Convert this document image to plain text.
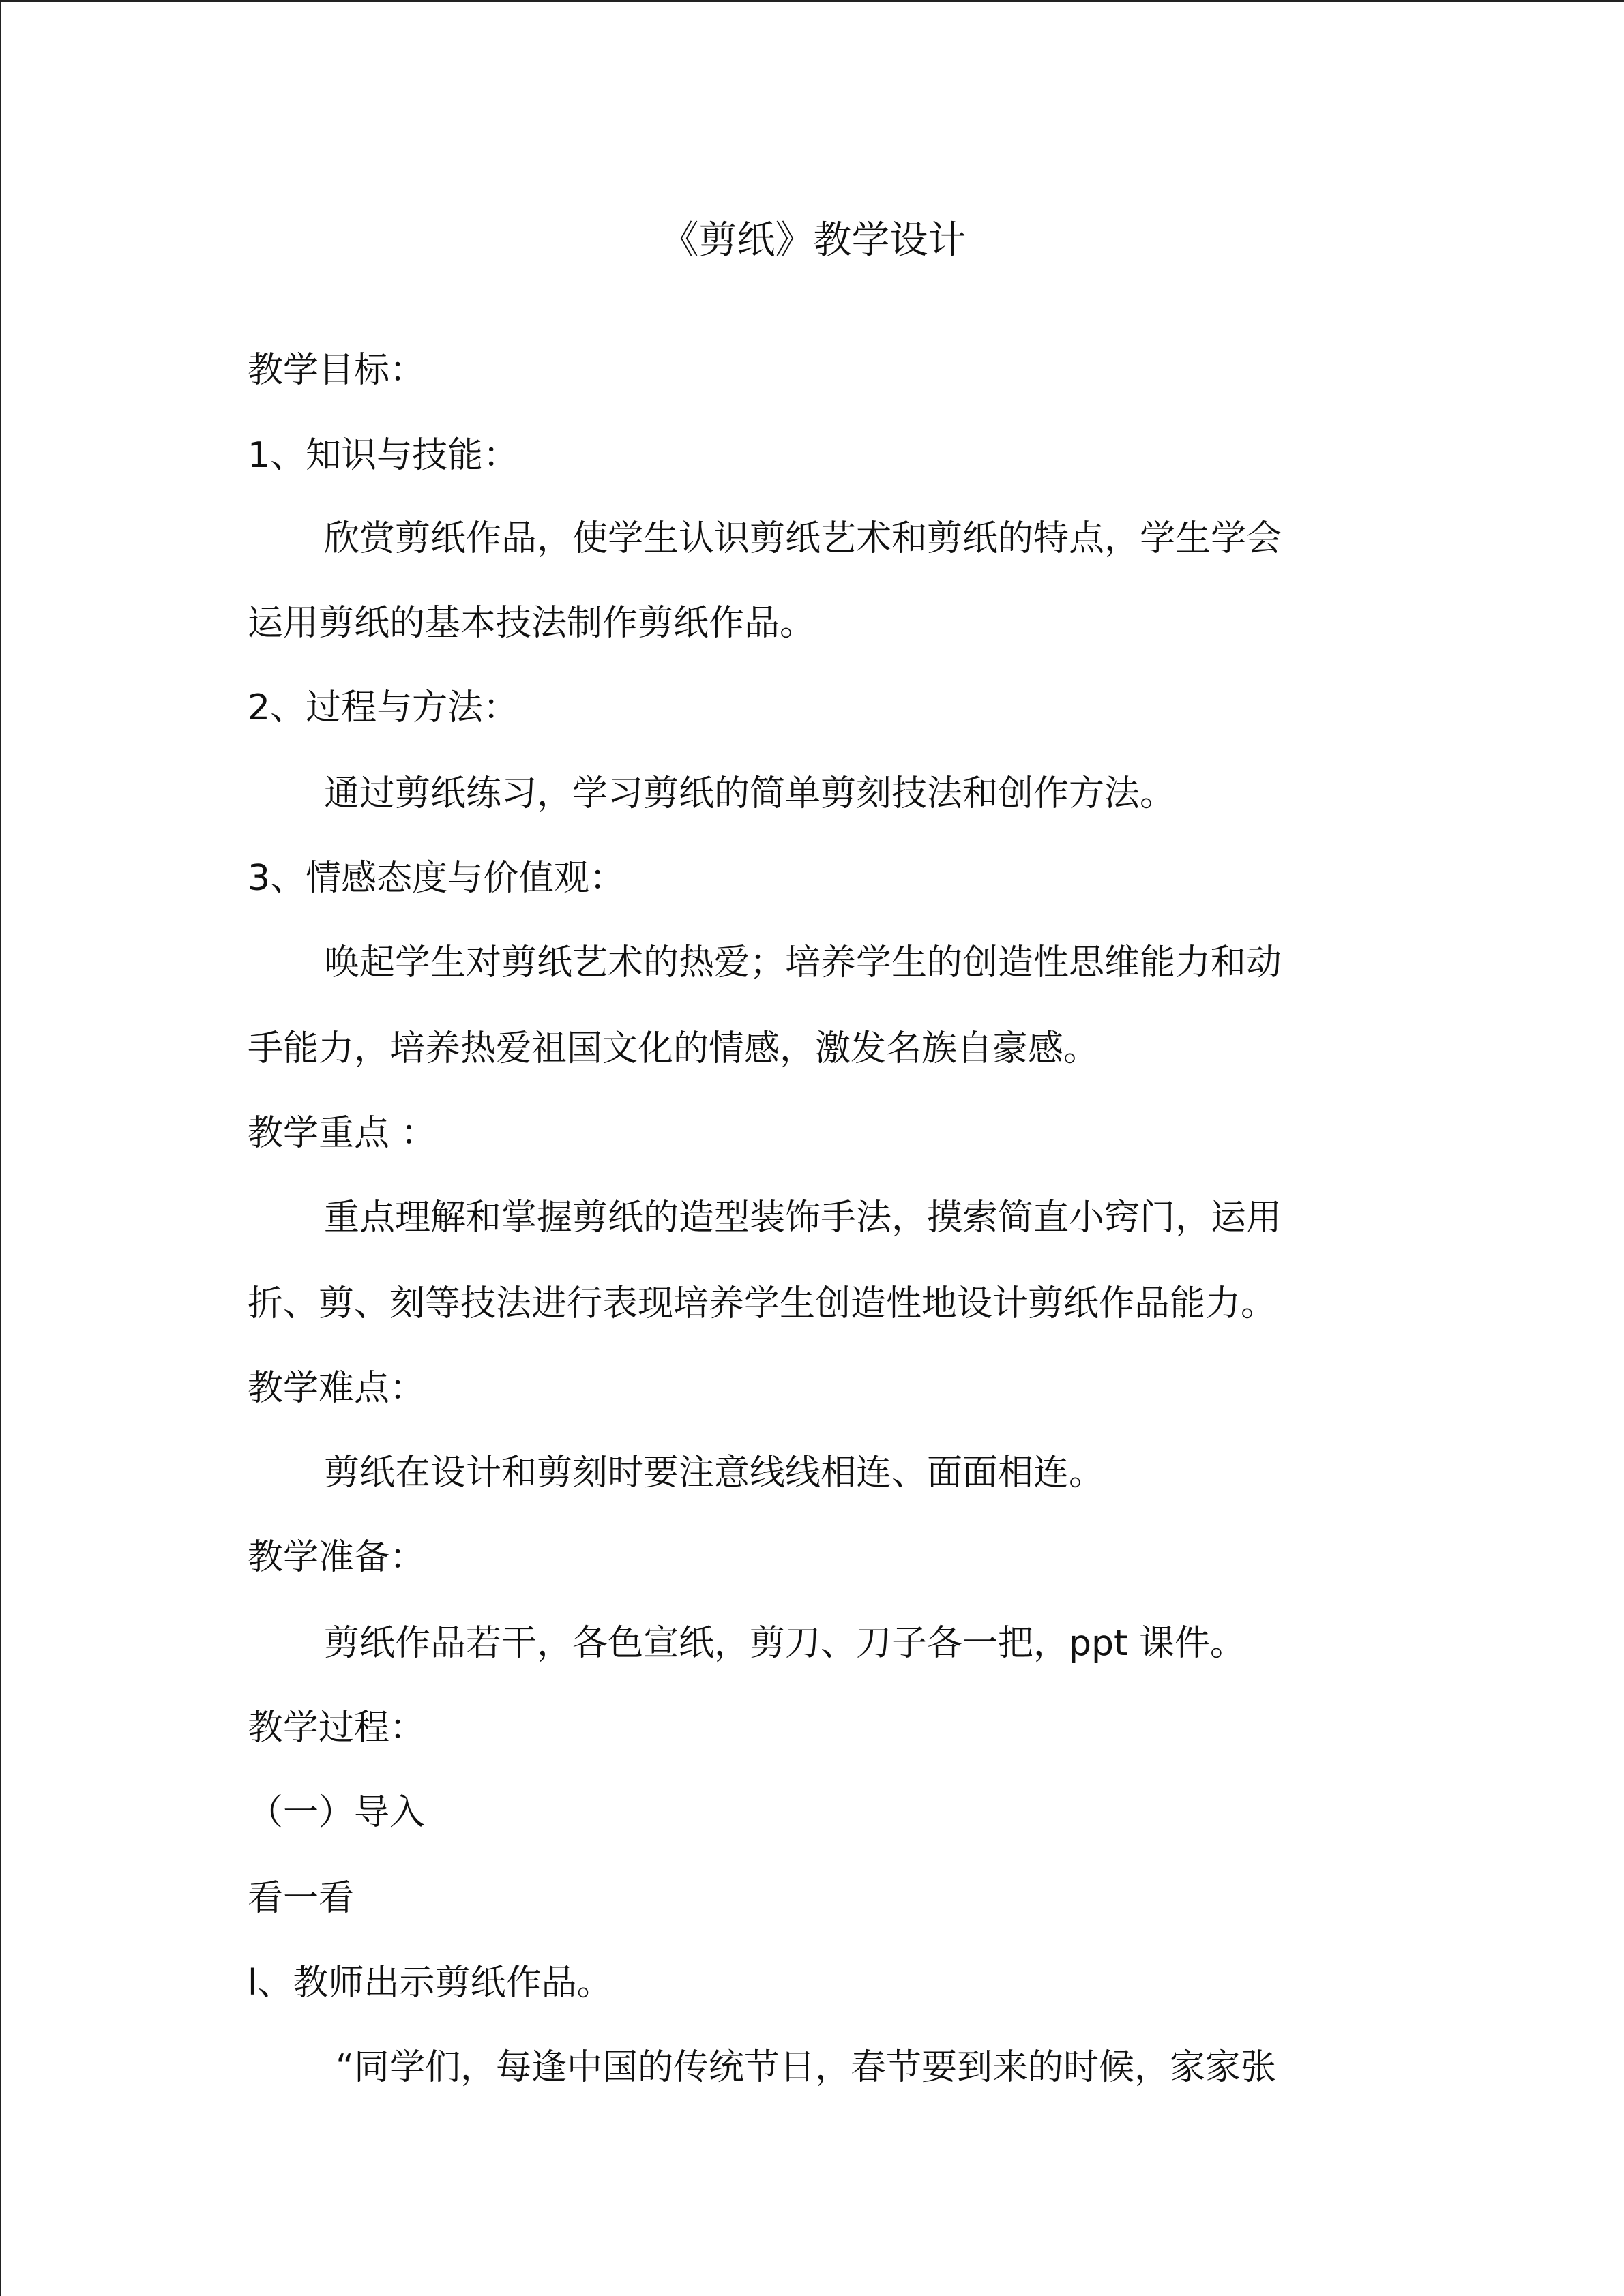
《剪纸》教学设计
教学目标：
1、知识与技能：
欣赏剪纸作品，使学生认识剪纸艺术和剪纸的特点，学生学会
运用剪纸的基本技法制作剪纸作品。
2、过程与方法：
通过剪纸练习，学习剪纸的简单剪刻技法和创作方法。
3、情感态度与价值观：
唤起学生对剪纸艺术的热爱；培养学生的创造性思维能力和动
手能力，培养热爱祖国文化的情感，激发名族自豪感。
教学重点 ：
重点理解和掌握剪纸的造型装饰手法，摸索简直小窍门，运用
折、剪、刻等技法进行表现培养学生创造性地设计剪纸作品能力。
教学难点：
剪纸在设计和剪刻时要注意线线相连、面面相连。
教学准备：
剪纸作品若干，各色宣纸，剪刀、刀子各一把，ppt 课件。
教学过程：
（一）导入
看一看
l、教师出示剪纸作品。
“同学们，每逢中国的传统节日，春节要到来的时候，家家张
